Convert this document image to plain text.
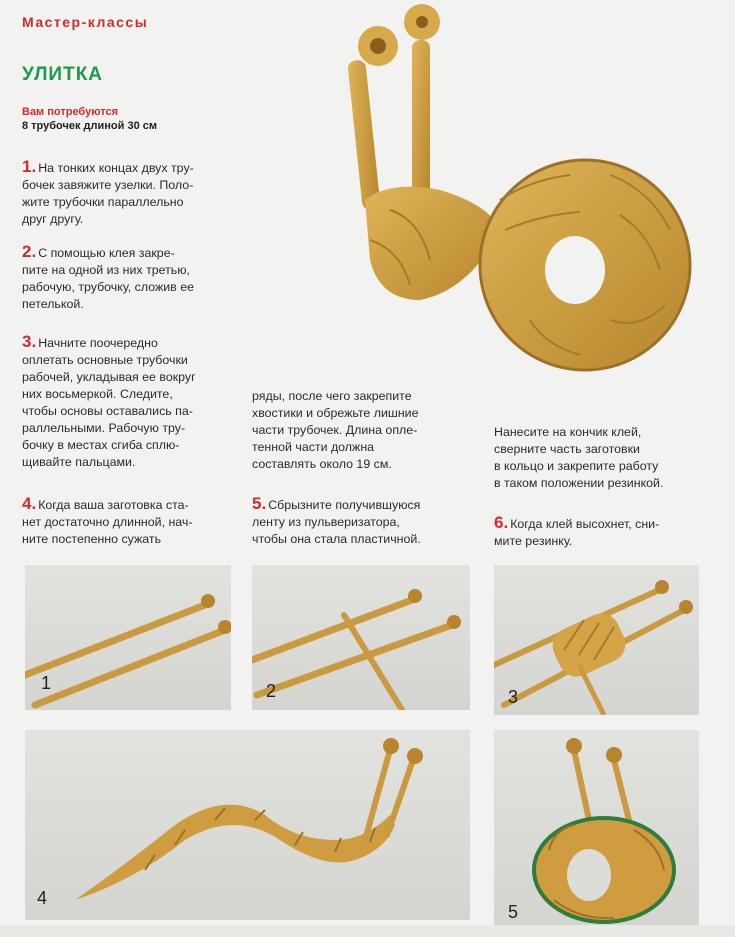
Мастер-классы
УЛИТКА
Вам потребуются
8 трубочек длиной 30 см
1. На тонких концах двух тру-
бочек завяжите узелки. Поло-
жите трубочки параллельно
друг другу.
2. С помощью клея закре-
пите на одной из них третью,
рабочую, трубочку, сложив ее
петелькой.
3. Начните поочередно
оплетать основные трубочки
рабочей, укладывая ее вокруг
них восьмеркой. Следите,
чтобы основы оставались па-
раллельными. Рабочую тру-
бочку в местах сгиба сплю-
щивайте пальцами.
4. Когда ваша заготовка ста-
нет достаточно длинной, нач-
ните постепенно сужать
ряды, после чего закрепите
хвостики и обрежьте лишние
части трубочек. Длина опле-
тенной части должна
составлять около 19 см.
5. Сбрызните получившуюся
ленту из пульверизатора,
чтобы она стала пластичной.
Нанесите на кончик клей,
сверните часть заготовки
в кольцо и закрепите работу
в таком положении резинкой.
6. Когда клей высохнет, сни-
мите резинку.
1	2	3
4
5
